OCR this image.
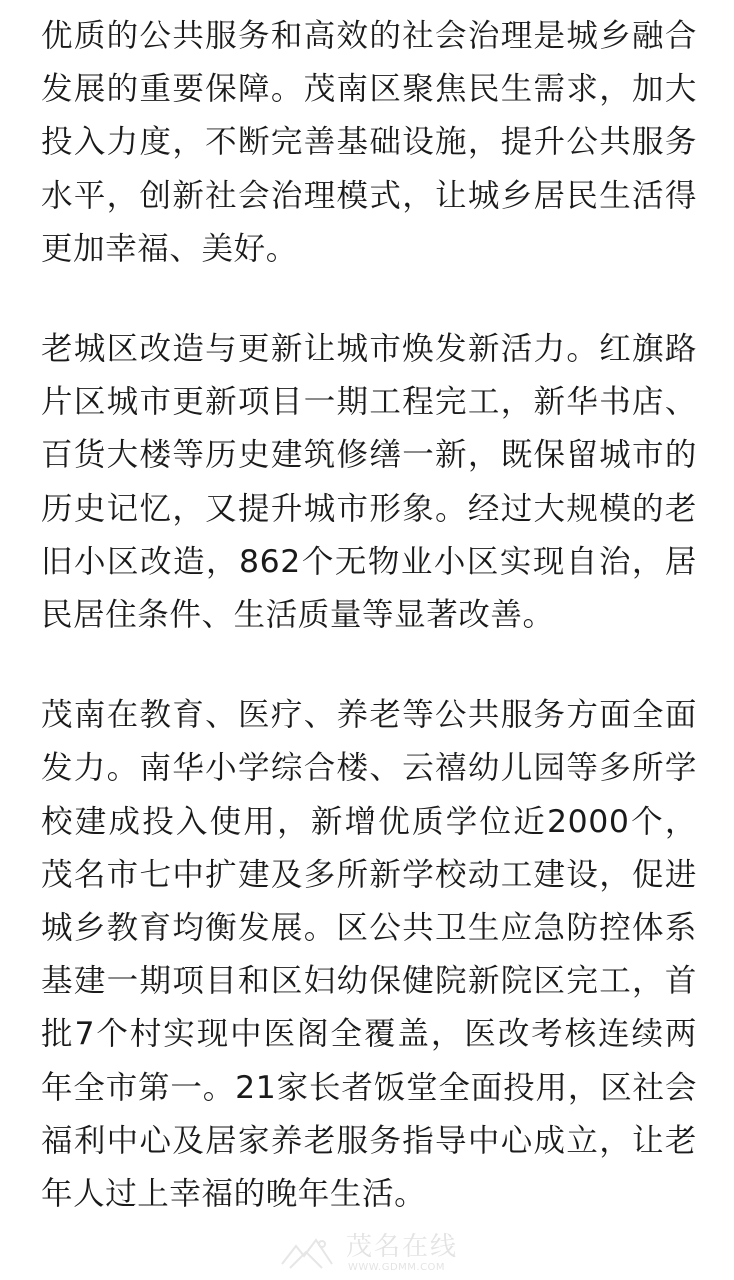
优质的公共服务和高效的社会治理是城乡融合发展的重要保障。茂南区聚焦民生需求，加大投入力度，不断完善基础设施，提升公共服务水平，创新社会治理模式，让城乡居民生活得更加幸福、美好。

老城区改造与更新让城市焕发新活力。红旗路片区城市更新项目一期工程完工，新华书店、百货大楼等历史建筑修缮一新，既保留城市的历史记忆，又提升城市形象。经过大规模的老旧小区改造，862个无物业小区实现自治，居民居住条件、生活质量等显著改善。

茂南在教育、医疗、养老等公共服务方面全面发力。南华小学综合楼、云禧幼儿园等多所学校建成投入使用，新增优质学位近2000个，茂名市七中扩建及多所新学校动工建设，促进城乡教育均衡发展。区公共卫生应急防控体系基建一期项目和区妇幼保健院新院区完工，首批7个村实现中医阁全覆盖，医改考核连续两年全市第一。21家长者饭堂全面投用，区社会福利中心及居家养老服务指导中心成立，让老年人过上幸福的晚年生活。

茂名在线
WWW.GDMM.COM
